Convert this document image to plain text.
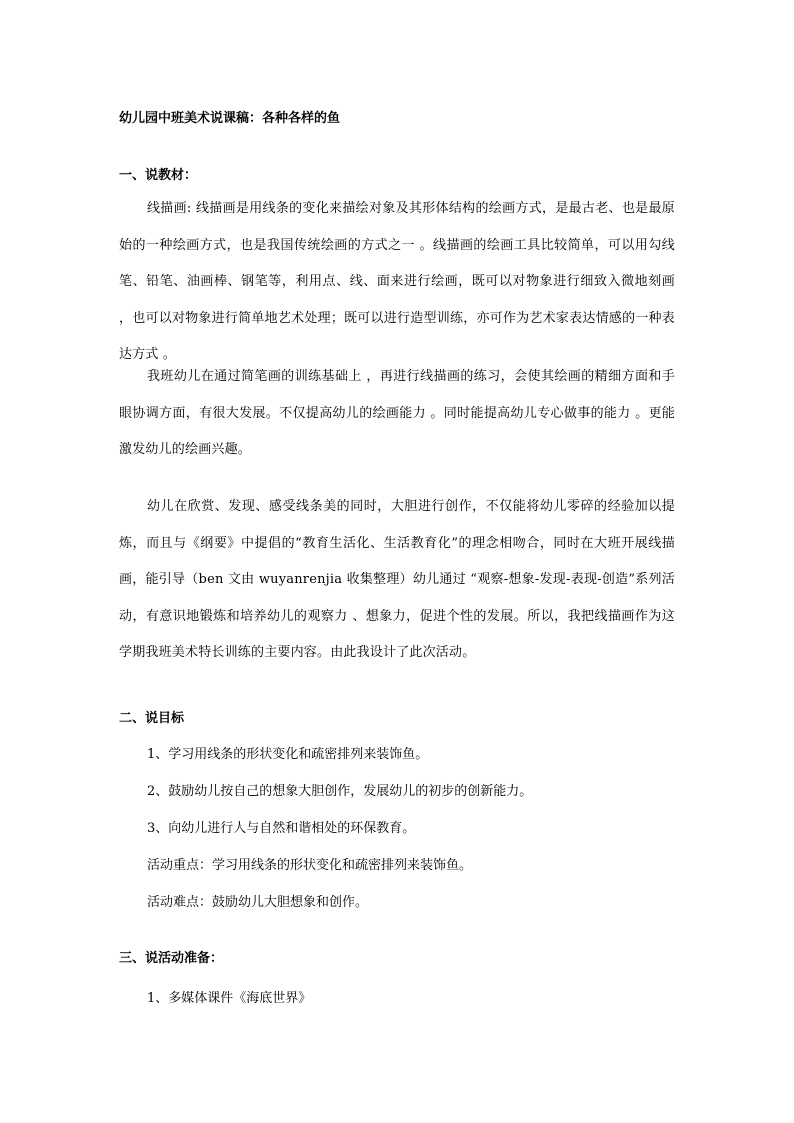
幼儿园中班美术说课稿：各种各样的鱼
一、说教材：
线描画: 线描画是用线条的变化来描绘对象及其形体结构的绘画方式，是最古老、也是最原始的一种绘画方式，也是我国传统绘画的方式之一 。线描画的绘画工具比较简单，可以用勾线笔、铅笔、油画棒、钢笔等，利用点、线、面来进行绘画，既可以对物象进行细致入微地刻画 ，也可以对物象进行简单地艺术处理；既可以进行造型训练，亦可作为艺术家表达情感的一种表达方式 。
我班幼儿在通过简笔画的训练基础上 ，再进行线描画的练习，会使其绘画的精细方面和手眼协调方面，有很大发展。不仅提高幼儿的绘画能力 。同时能提高幼儿专心做事的能力 。更能激发幼儿的绘画兴趣。
幼儿在欣赏、发现、感受线条美的同时，大胆进行创作，不仅能将幼儿零碎的经验加以提炼，而且与《纲要》中提倡的“教育生活化、生活教育化”的理念相吻合，同时在大班开展线描画，能引导（ben 文由 wuyanrenjia 收集整理）幼儿通过 “观察-想象-发现-表现-创造”系列活动，有意识地锻炼和培养幼儿的观察力 、想象力，促进个性的发展。所以，我把线描画作为这学期我班美术特长训练的主要内容。由此我设计了此次活动。
二、说目标
1、学习用线条的形状变化和疏密排列来装饰鱼。
2、鼓励幼儿按自己的想象大胆创作，发展幼儿的初步的创新能力。
3、向幼儿进行人与自然和谐相处的环保教育。
活动重点：学习用线条的形状变化和疏密排列来装饰鱼。
活动难点：鼓励幼儿大胆想象和创作。
三、说活动准备：
1、多媒体课件《海底世界》
